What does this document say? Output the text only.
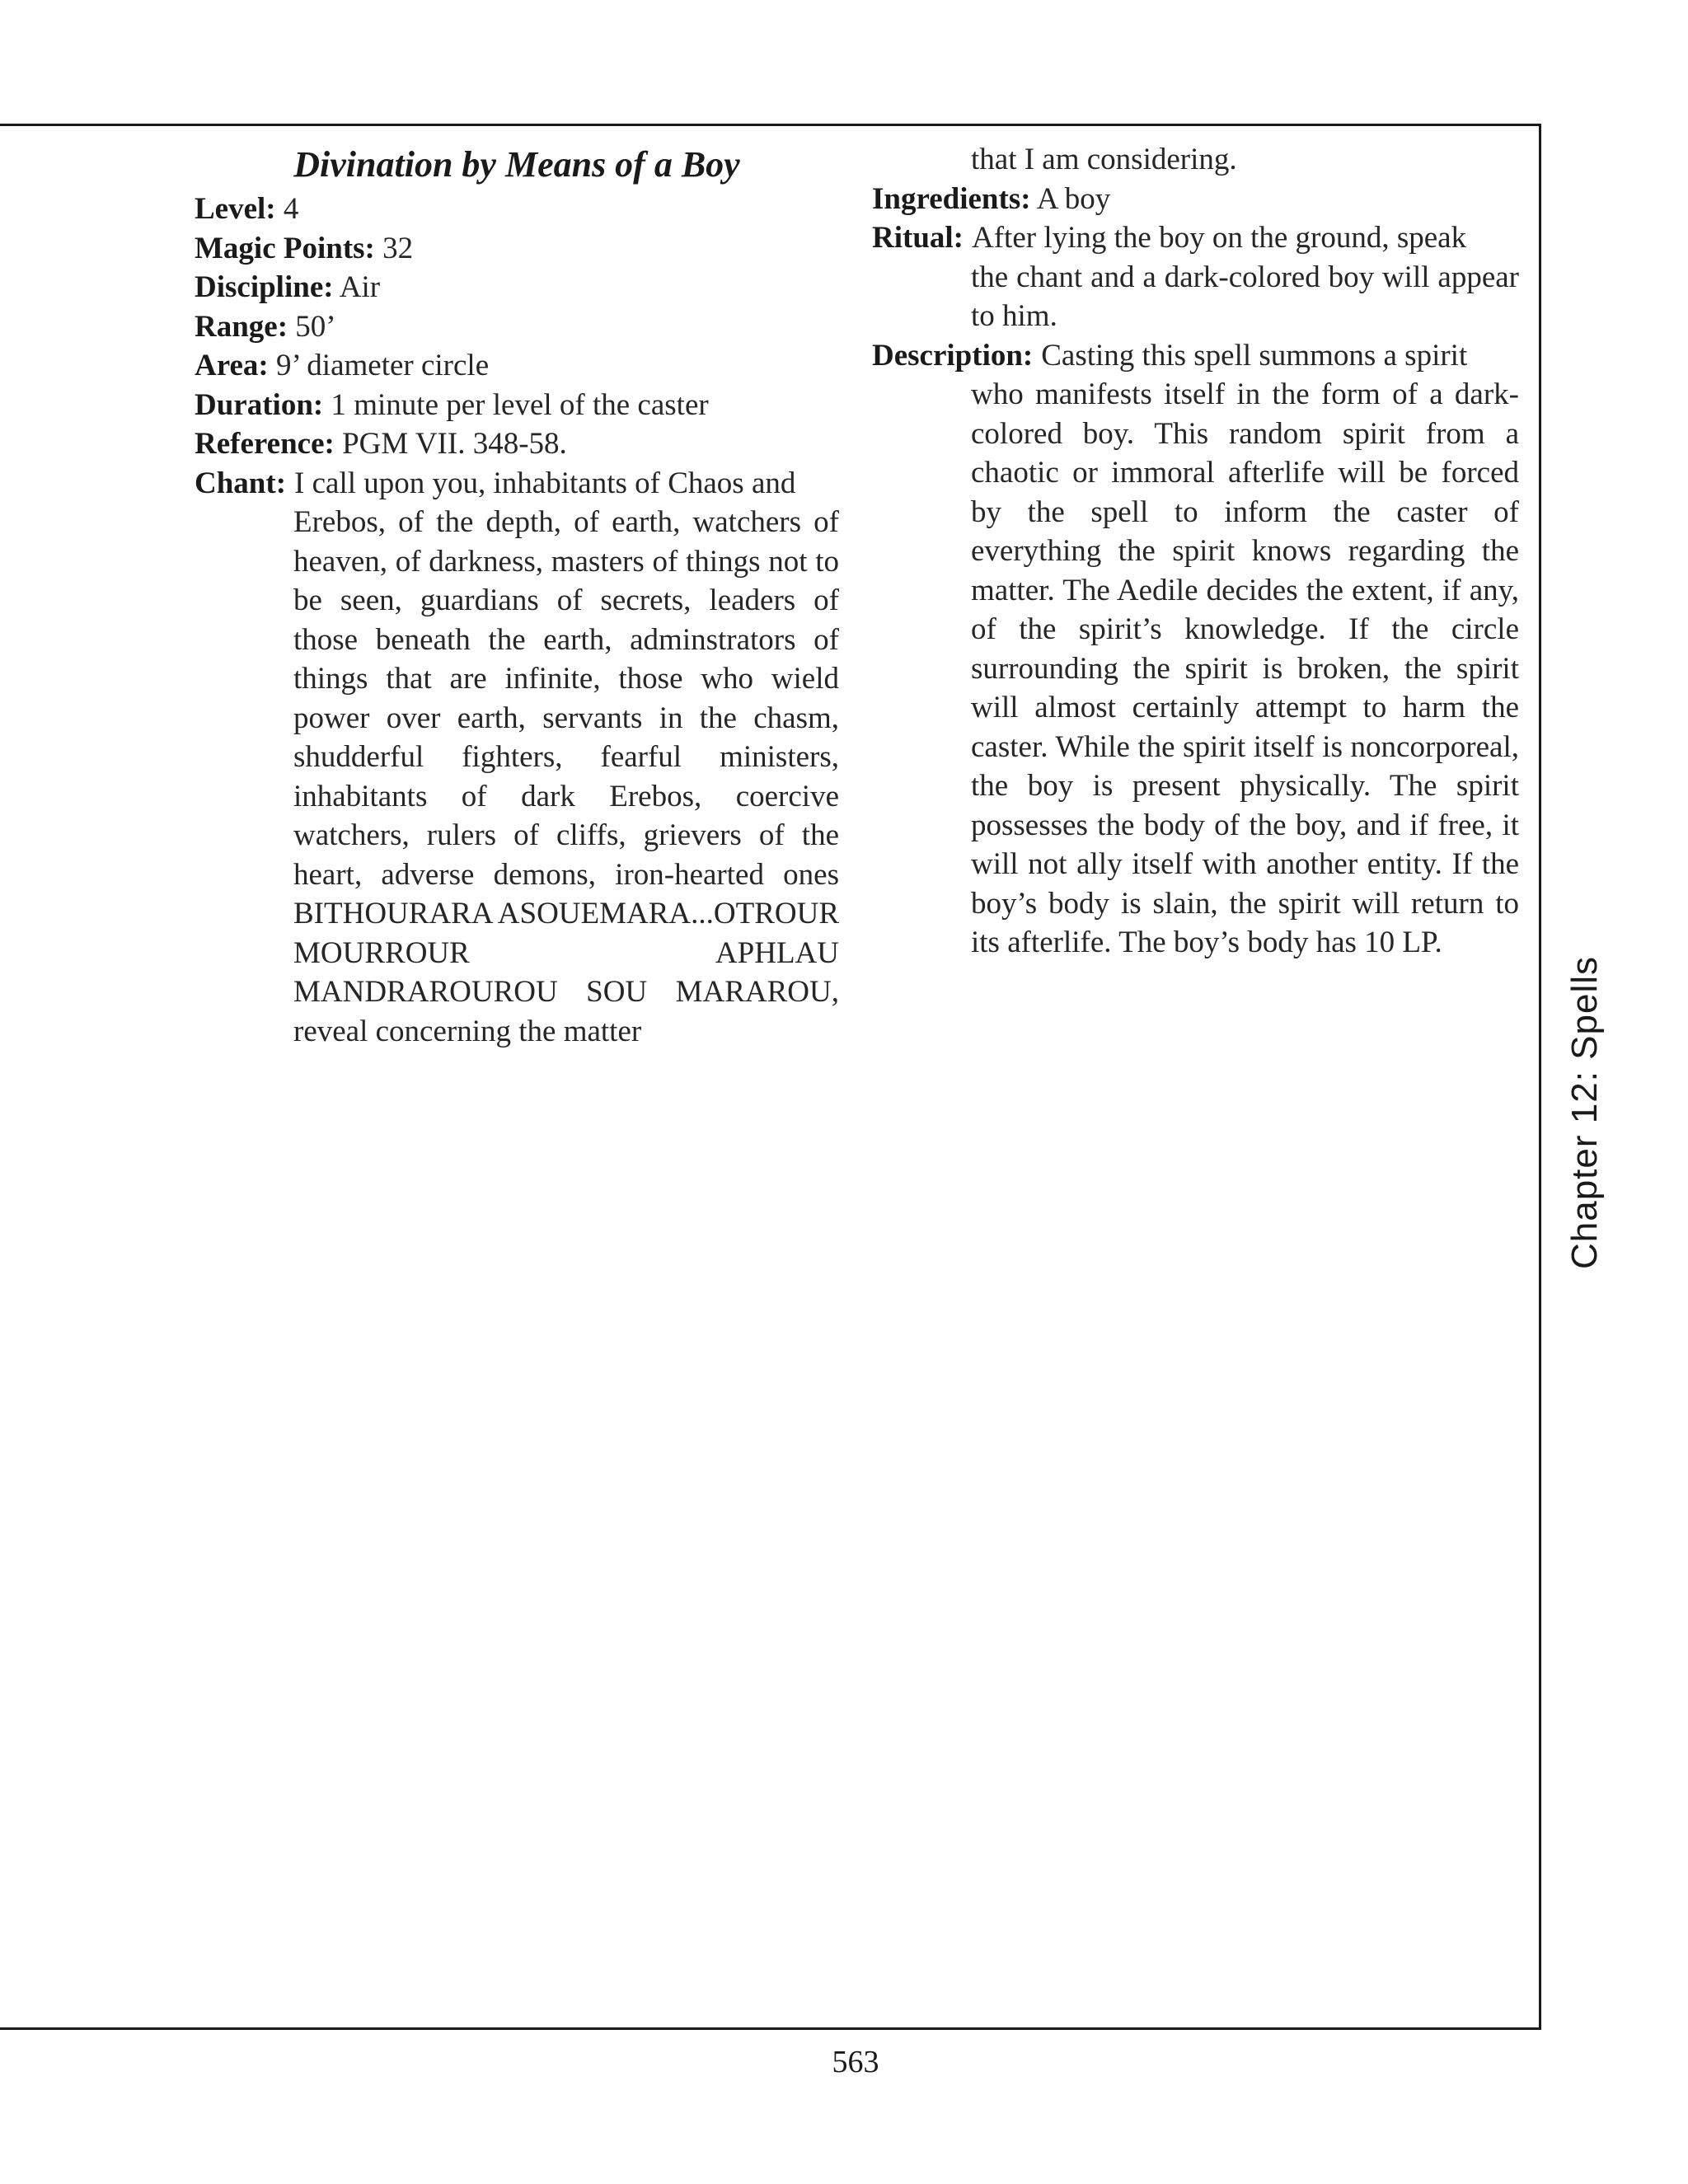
Divination by Means of a Boy

Level: 4

Magic Points: 32

Discipline: Air

Range: 50’

Area: 9’ diameter circle

Duration: 1 minute per level of the caster

Reference: PGM VII. 348-58.

Chant: I call upon you, inhabitants of Chaos and

Erebos, of the depth, of earth, watchers of heaven, of darkness, masters of things not to be seen, guardians of secrets, leaders of those beneath the earth, adminstrators of things that are infinite, those who wield power over earth, servants in the chasm, shudderful fighters, fearful ministers, inhabitants of dark Erebos, coercive watchers, rulers of cliffs, grievers of the heart, adverse demons, iron-hearted ones BITHOURARA ASOUEMARA...OTROUR MOURROUR APHLAU MANDRAROUROU SOU MARAROU, reveal concerning the matter

that I am considering.

Ingredients: A boy

Ritual: After lying the boy on the ground, speak

the chant and a dark-colored boy will appear to him.

Description: Casting this spell summons a spirit

who manifests itself in the form of a dark-colored boy. This random spirit from a chaotic or immoral afterlife will be forced by the spell to inform the caster of everything the spirit knows regarding the matter. The Aedile decides the extent, if any, of the spirit’s knowledge. If the circle surrounding the spirit is broken, the spirit will almost certainly attempt to harm the caster. While the spirit itself is noncorporeal, the boy is present physically. The spirit possesses the body of the boy, and if free, it will not ally itself with another entity. If the boy’s body is slain, the spirit will return to its afterlife. The boy’s body has 10 LP.

Chapter 12: Spells
563
